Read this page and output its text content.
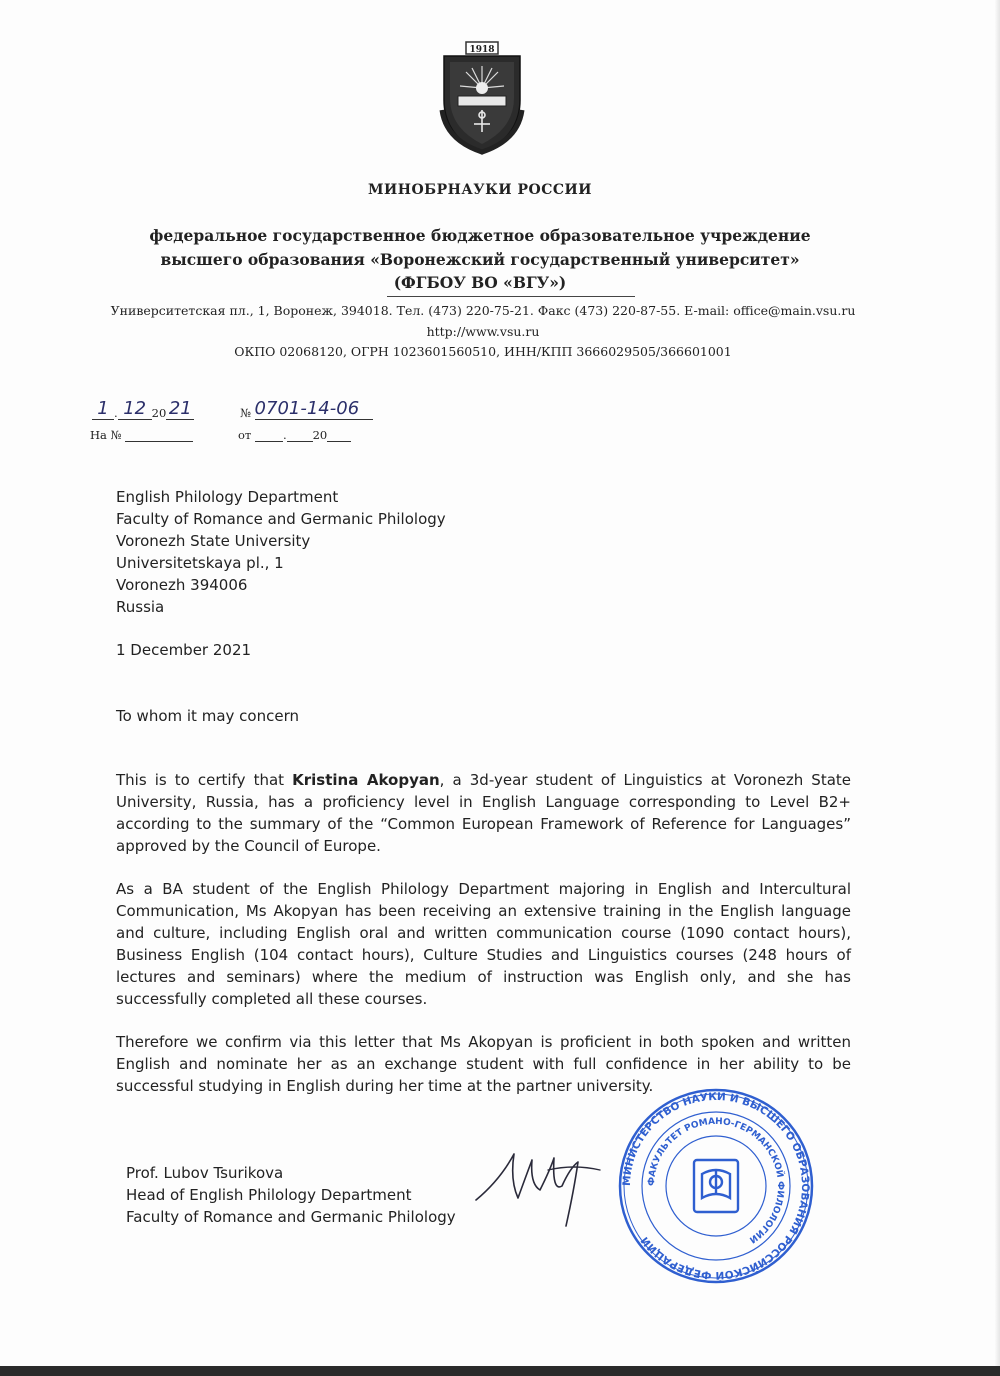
1918
МИНОБРНАУКИ РОССИИ
федеральное государственное бюджетное образовательное учреждение
высшего образования «Воронежский государственный университет»
(ФГБОУ ВО «ВГУ»)
Университетская пл., 1, Воронеж, 394018. Тел. (473) 220-75-21. Факс (473) 220-87-55. E-mail: office@main.vsu.ru
http://www.vsu.ru
ОКПО 02068120, ОГРН 1023601560510, ИНН/КПП 3666029505/366601001
1 . 12 20 21	№ 0701-14-06
На №	от	. 20
English Philology Department
Faculty of Romance and Germanic Philology
Voronezh State University
Universitetskaya pl., 1
Voronezh 394006
Russia
1 December 2021
To whom it may concern
This is to certify that Kristina Akopyan, a 3d-year student of Linguistics at Voronezh State University, Russia, has a proficiency level in English Language corresponding to Level B2+ according to the summary of the “Common European Framework of Reference for Languages” approved by the Council of Europe.
As a BA student of the English Philology Department majoring in English and Intercultural Communication, Ms Akopyan has been receiving an extensive training in the English language and culture, including English oral and written communication course (1090 contact hours), Business English (104 contact hours), Culture Studies and Linguistics courses (248 hours of lectures and seminars) where the medium of instruction was English only, and she has successfully completed all these courses.
Therefore we confirm via this letter that Ms Akopyan is proficient in both spoken and written English and nominate her as an exchange student with full confidence in her ability to be successful studying in English during her time at the partner university.
Prof. Lubov Tsurikova
Head of English Philology Department
Faculty of Romance and Germanic Philology
МИНИСТЕРСТВО НАУКИ И ВЫСШЕГО ОБРАЗОВАНИЯ РОССИЙСКОЙ ФЕДЕРАЦИИ
ФАКУЛЬТЕТ РОМАНО-ГЕРМАНСКОЙ ФИЛОЛОГИИ
